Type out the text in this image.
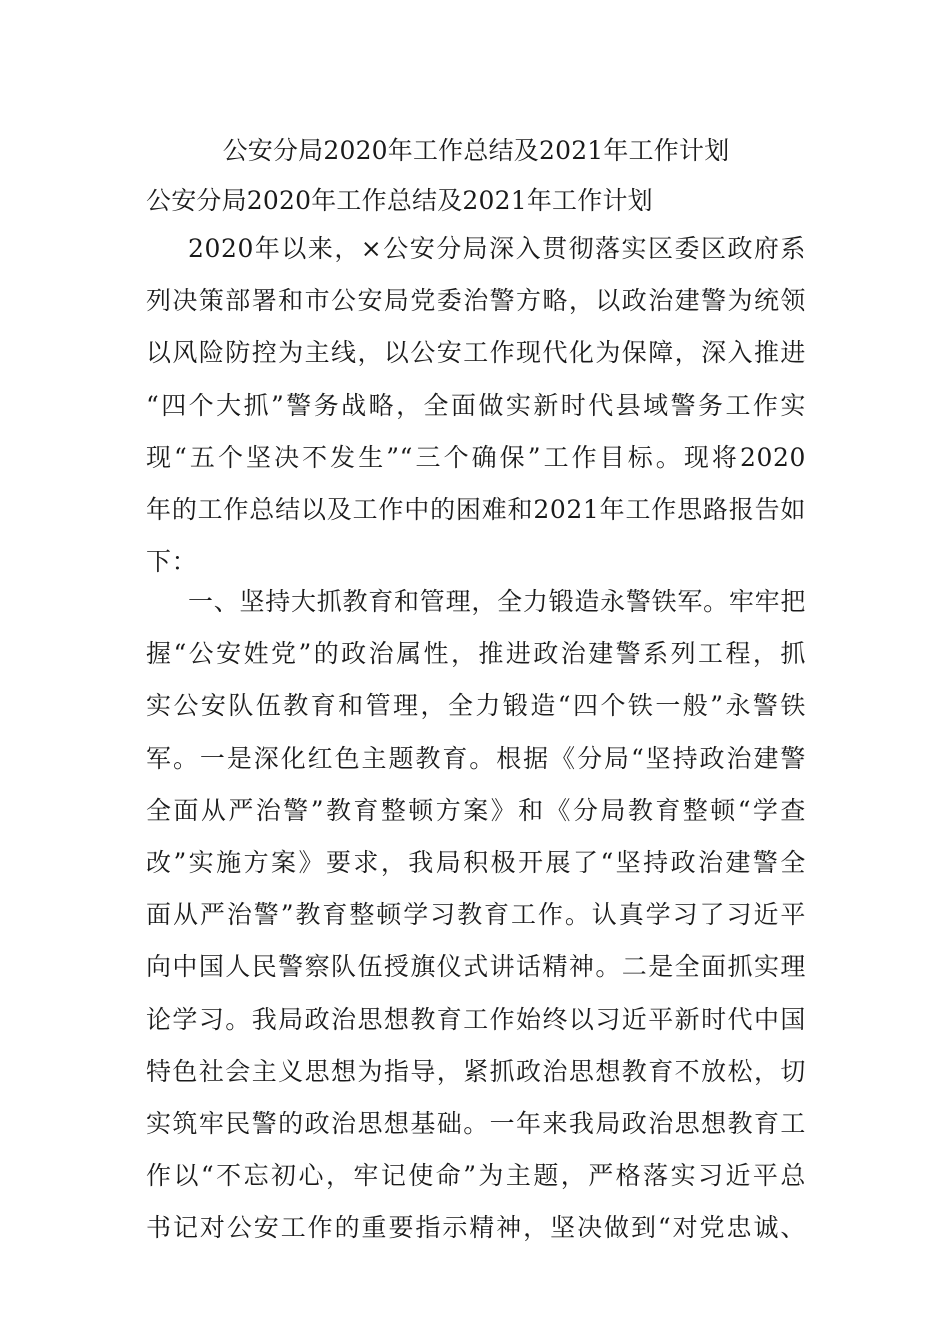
公安分局2020年工作总结及2021年工作计划
公安分局2020年工作总结及2021年工作计划
2020年以来，×公安分局深入贯彻落实区委区政府系
列决策部署和市公安局党委治警方略，以政治建警为统领
以风险防控为主线，以公安工作现代化为保障，深入推进
“四个大抓”警务战略，全面做实新时代县域警务工作实
现“五个坚决不发生”“三个确保”工作目标。现将2020
年的工作总结以及工作中的困难和2021年工作思路报告如
下：
一、坚持大抓教育和管理，全力锻造永警铁军。牢牢把
握“公安姓党”的政治属性，推进政治建警系列工程，抓
实公安队伍教育和管理，全力锻造“四个铁一般”永警铁
军。一是深化红色主题教育。根据《分局“坚持政治建警
全面从严治警”教育整顿方案》和《分局教育整顿“学查
改”实施方案》要求，我局积极开展了“坚持政治建警全
面从严治警”教育整顿学习教育工作。认真学习了习近平
向中国人民警察队伍授旗仪式讲话精神。二是全面抓实理
论学习。我局政治思想教育工作始终以习近平新时代中国
特色社会主义思想为指导，紧抓政治思想教育不放松，切
实筑牢民警的政治思想基础。一年来我局政治思想教育工
作以“不忘初心，牢记使命”为主题，严格落实习近平总
书记对公安工作的重要指示精神，坚决做到“对党忠诚、
